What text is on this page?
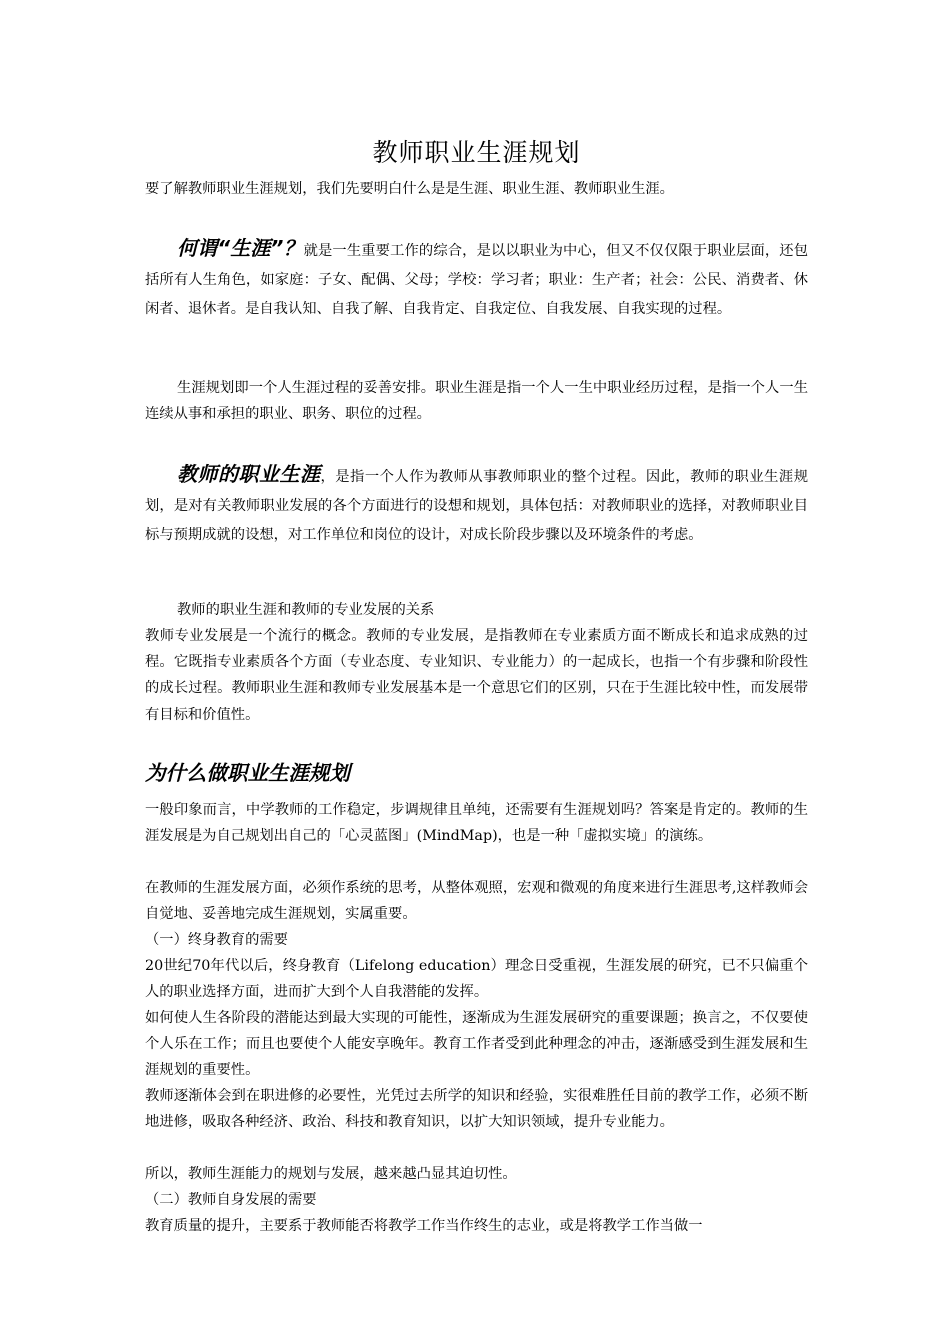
教师职业生涯规划
要了解教师职业生涯规划，我们先要明白什么是是生涯、职业生涯、教师职业生涯。
何谓“生涯”？就是一生重要工作的综合，是以以职业为中心，但又不仅仅限于职业层面，还包括所有人生角色，如家庭：子女、配偶、父母；学校：学习者；职业：生产者；社会：公民、消费者、休闲者、退休者。是自我认知、自我了解、自我肯定、自我定位、自我发展、自我实现的过程。
生涯规划即一个人生涯过程的妥善安排。职业生涯是指一个人一生中职业经历过程，是指一个人一生连续从事和承担的职业、职务、职位的过程。
教师的职业生涯，是指一个人作为教师从事教师职业的整个过程。因此，教师的职业生涯规划，是对有关教师职业发展的各个方面进行的设想和规划，具体包括：对教师职业的选择，对教师职业目标与预期成就的设想，对工作单位和岗位的设计，对成长阶段步骤以及环境条件的考虑。
教师的职业生涯和教师的专业发展的关系
教师专业发展是一个流行的概念。教师的专业发展，是指教师在专业素质方面不断成长和追求成熟的过程。它既指专业素质各个方面（专业态度、专业知识、专业能力）的一起成长，也指一个有步骤和阶段性的成长过程。教师职业生涯和教师专业发展基本是一个意思它们的区别，只在于生涯比较中性，而发展带有目标和价值性。
为什么做职业生涯规划
一般印象而言，中学教师的工作稳定，步调规律且单纯，还需要有生涯规划吗？答案是肯定的。教师的生涯发展是为自己规划出自己的「心灵蓝图」(MindMap)，也是一种「虚拟实境」的演练。
在教师的生涯发展方面，必须作系统的思考，从整体观照，宏观和微观的角度来进行生涯思考,这样教师会自觉地、妥善地完成生涯规划，实属重要。
（一）终身教育的需要
20世纪70年代以后，终身教育（Lifelong education）理念日受重视，生涯发展的研究，已不只偏重个人的职业选择方面，进而扩大到个人自我潜能的发挥。
如何使人生各阶段的潜能达到最大实现的可能性，逐渐成为生涯发展研究的重要课题；换言之，不仅要使个人乐在工作；而且也要使个人能安享晚年。教育工作者受到此种理念的冲击，逐渐感受到生涯发展和生涯规划的重要性。
教师逐渐体会到在职进修的必要性，光凭过去所学的知识和经验，实很难胜任目前的教学工作，必须不断地进修，吸取各种经济、政治、科技和教育知识，以扩大知识领域，提升专业能力。
所以，教师生涯能力的规划与发展，越来越凸显其迫切性。
（二）教师自身发展的需要
教育质量的提升，主要系于教师能否将教学工作当作终生的志业，或是将教学工作当做一
